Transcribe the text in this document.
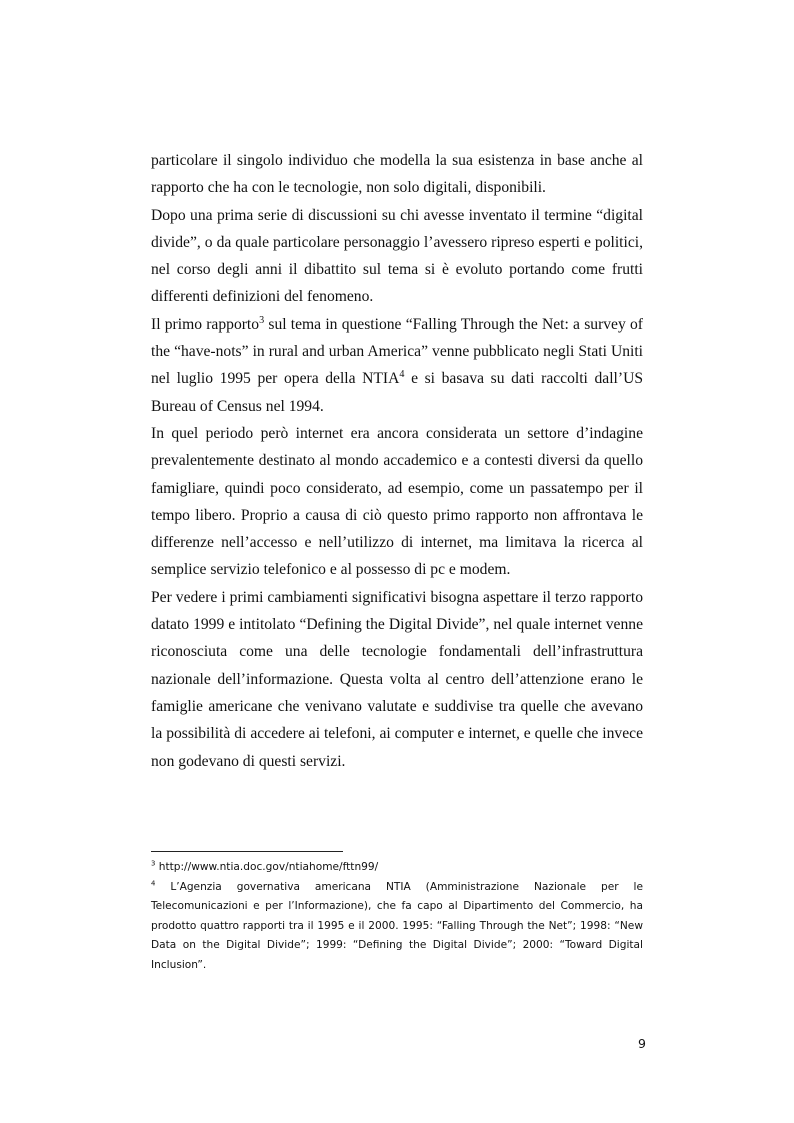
particolare il singolo individuo che modella la sua esistenza in base anche al rapporto che ha con le tecnologie, non solo digitali, disponibili.

Dopo una prima serie di discussioni su chi avesse inventato il termine “digital divide”, o da quale particolare personaggio l’avessero ripreso esperti e politici, nel corso degli anni il dibattito sul tema si è evoluto portando come frutti differenti definizioni del fenomeno.

Il primo rapporto$^3$ sul tema in questione “Falling Through the Net: a survey of the “have-nots” in rural and urban America” venne pubblicato negli Stati Uniti nel luglio 1995 per opera della NTIA$^4$ e si basava su dati raccolti dall’US Bureau of Census nel 1994.

In quel periodo però internet era ancora considerata un settore d’indagine prevalentemente destinato al mondo accademico e a contesti diversi da quello famigliare, quindi poco considerato, ad esempio, come un passatempo per il tempo libero. Proprio a causa di ciò questo primo rapporto non affrontava le differenze nell’accesso e nell’utilizzo di internet, ma limitava la ricerca al semplice servizio telefonico e al possesso di pc e modem.

Per vedere i primi cambiamenti significativi bisogna aspettare il terzo rapporto datato 1999 e intitolato “Defining the Digital Divide”, nel quale internet venne riconosciuta come una delle tecnologie fondamentali dell’infrastruttura nazionale dell’informazione. Questa volta al centro dell’attenzione erano le famiglie americane che venivano valutate e suddivise tra quelle che avevano la possibilità di accedere ai telefoni, ai computer e internet, e quelle che invece non godevano di questi servizi.

$^3$ http://www.ntia.doc.gov/ntiahome/fttn99/

$^4$ L’Agenzia governativa americana NTIA (Amministrazione Nazionale per le Telecomunicazioni e per l’Informazione), che fa capo al Dipartimento del Commercio, ha prodotto quattro rapporti tra il 1995 e il 2000. 1995: “Falling Through the Net”; 1998: “New Data on the Digital Divide”; 1999: “Defining the Digital Divide”; 2000: “Toward Digital Inclusion”.

9
